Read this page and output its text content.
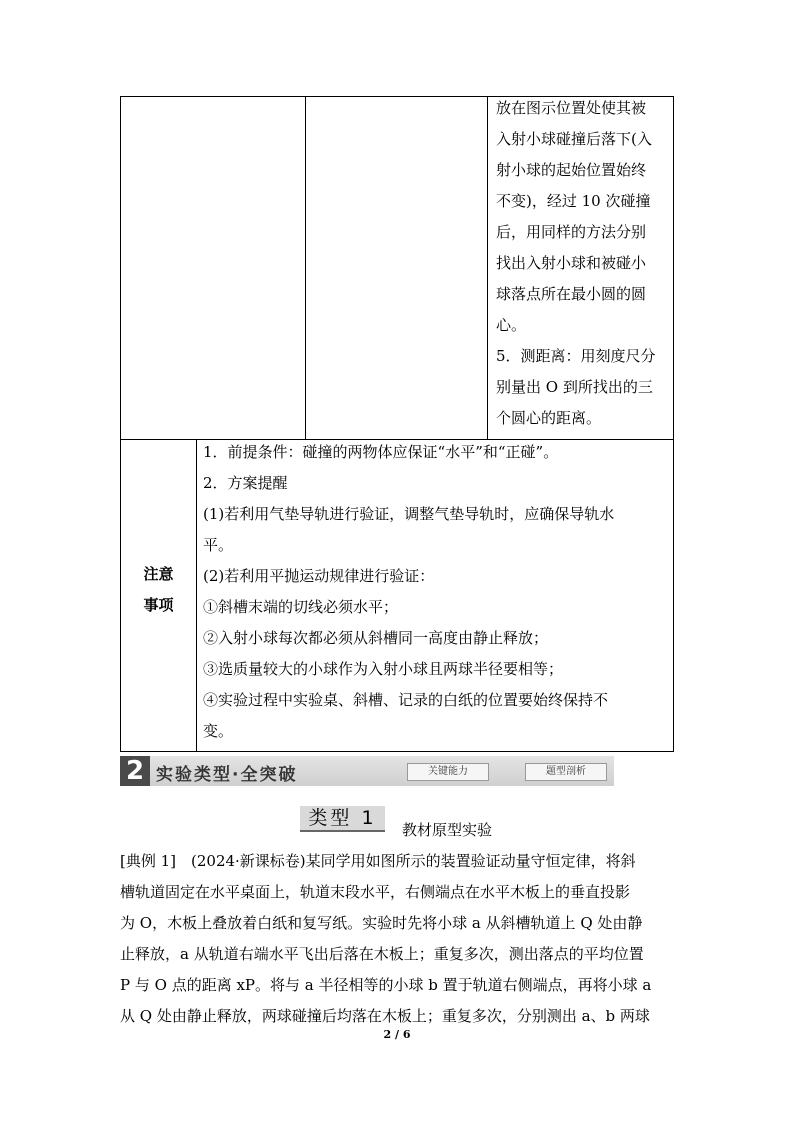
放在图示位置处使其被
入射小球碰撞后落下(入
射小球的起始位置始终
不变)，经过 10 次碰撞
后，用同样的方法分别
找出入射小球和被碰小
球落点所在最小圆的圆
心。
5．测距离：用刻度尺分
别量出 O 到所找出的三
个圆心的距离。
注意
事项
1．前提条件：碰撞的两物体应保证“水平”和“正碰”。
2．方案提醒
(1)若利用气垫导轨进行验证，调整气垫导轨时，应确保导轨水
平。
(2)若利用平抛运动规律进行验证：
①斜槽末端的切线必须水平；
②入射小球每次都必须从斜槽同一高度由静止释放；
③选质量较大的小球作为入射小球且两球半径要相等；
④实验过程中实验桌、斜槽、记录的白纸的位置要始终保持不
变。
2 实验类型·全突破	关键能力	题型剖析
类型 1
教材原型实验
[典例 1]　(2024·新课标卷)某同学用如图所示的装置验证动量守恒定律，将斜
槽轨道固定在水平桌面上，轨道末段水平，右侧端点在水平木板上的垂直投影
为 O，木板上叠放着白纸和复写纸。实验时先将小球 a 从斜槽轨道上 Q 处由静
止释放，a 从轨道右端水平飞出后落在木板上；重复多次，测出落点的平均位置
P 与 O 点的距离 xP。将与 a 半径相等的小球 b 置于轨道右侧端点，再将小球 a
从 Q 处由静止释放，两球碰撞后均落在木板上；重复多次，分别测出 a、b 两球
2 / 6
